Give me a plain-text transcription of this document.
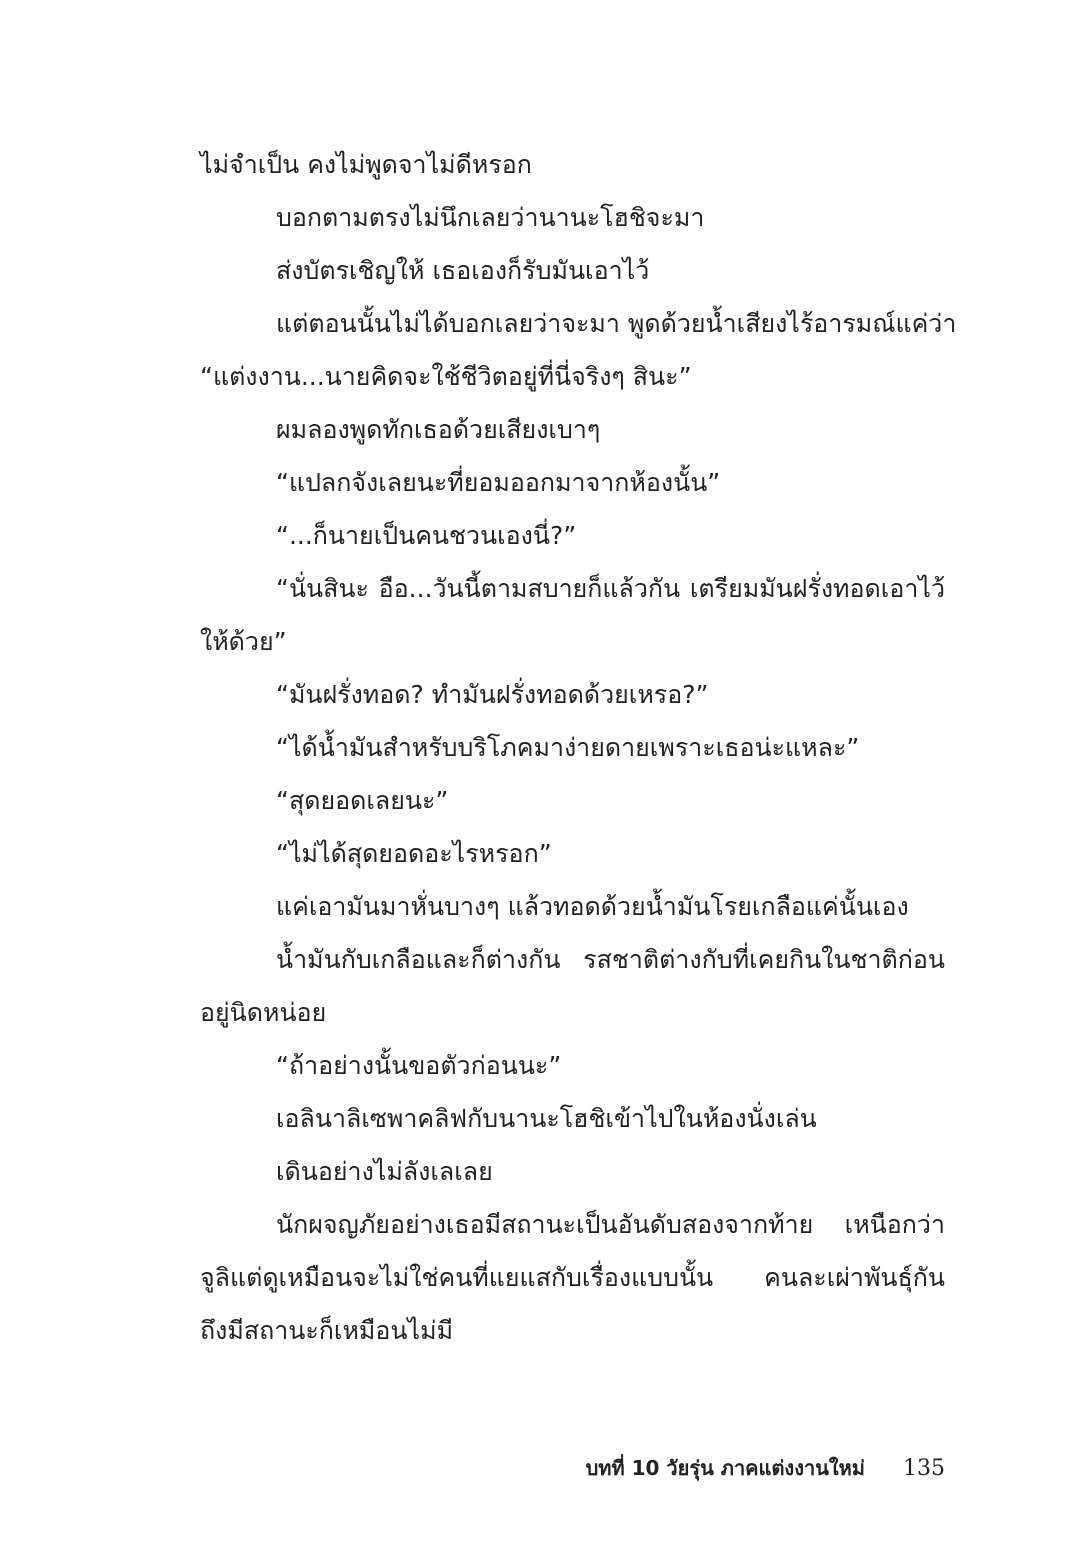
ไม่จำเป็น คงไม่พูดจาไม่ดีหรอก
บอกตามตรงไม่นึกเลยว่านานะโฮชิจะมา
ส่งบัตรเชิญให้ เธอเองก็รับมันเอาไว้
แต่ตอนนั้นไม่ได้บอกเลยว่าจะมา พูดด้วยน้ำเสียงไร้อารมณ์แค่ว่า
“แต่งงาน...นายคิดจะใช้ชีวิตอยู่ที่นี่จริงๆ สินะ”
ผมลองพูดทักเธอด้วยเสียงเบาๆ
“แปลกจังเลยนะที่ยอมออกมาจากห้องนั้น”
“...ก็นายเป็นคนชวนเองนี่?”
“นั่นสินะ อือ...วันนี้ตามสบายก็แล้วกัน เตรียมมันฝรั่งทอดเอาไว้
ให้ด้วย”
“มันฝรั่งทอด? ทำมันฝรั่งทอดด้วยเหรอ?”
“ได้น้ำมันสำหรับบริโภคมาง่ายดายเพราะเธอน่ะแหละ”
“สุดยอดเลยนะ”
“ไม่ได้สุดยอดอะไรหรอก”
แค่เอามันมาหั่นบางๆ แล้วทอดด้วยน้ำมันโรยเกลือแค่นั้นเอง
น้ำมันกับเกลือและก็ต่างกัน รสชาติต่างกับที่เคยกินในชาติก่อน
อยู่นิดหน่อย
“ถ้าอย่างนั้นขอตัวก่อนนะ”
เอลินาลิเซพาคลิฟกับนานะโฮชิเข้าไปในห้องนั่งเล่น
เดินอย่างไม่ลังเลเลย
นักผจญภัยอย่างเธอมีสถานะเป็นอันดับสองจากท้าย เหนือกว่า
จูลิแต่ดูเหมือนจะไม่ใช่คนที่แยแสกับเรื่องแบบนั้น คนละเผ่าพันธุ์กัน
ถึงมีสถานะก็เหมือนไม่มี
บทที่ 10 วัยรุ่น ภาคแต่งงานใหม่ 135
